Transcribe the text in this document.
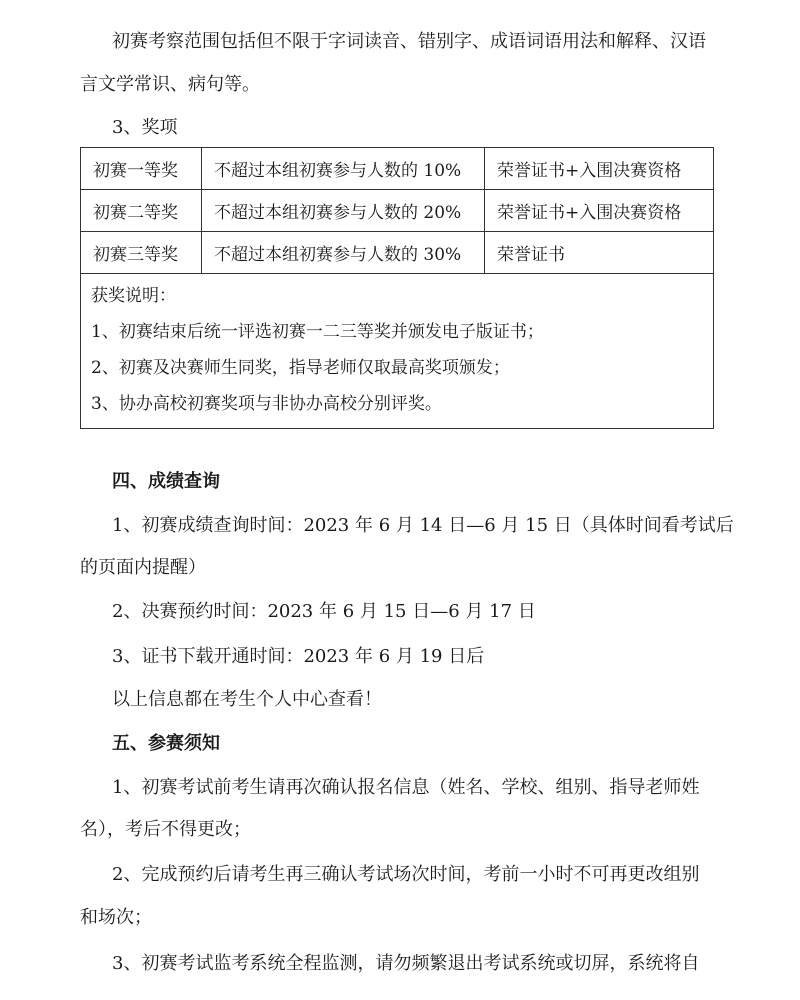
初赛考察范围包括但不限于字词读音、错别字、成语词语用法和解释、汉语
言文学常识、病句等。
3、奖项
初赛一等奖	不超过本组初赛参与人数的 10%	荣誉证书+入围决赛资格
初赛二等奖	不超过本组初赛参与人数的 20%	荣誉证书+入围决赛资格
初赛三等奖	不超过本组初赛参与人数的 30%	荣誉证书

获奖说明：
1、初赛结束后统一评选初赛一二三等奖并颁发电子版证书；
2、初赛及决赛师生同奖，指导老师仅取最高奖项颁发；
3、协办高校初赛奖项与非协办高校分别评奖。		
四、成绩查询
1、初赛成绩查询时间：2023 年 6 月 14 日—6 月 15 日（具体时间看考试后
的页面内提醒）
2、决赛预约时间：2023 年 6 月 15 日—6 月 17 日
3、证书下载开通时间：2023 年 6 月 19 日后
以上信息都在考生个人中心查看！
五、参赛须知
1、初赛考试前考生请再次确认报名信息（姓名、学校、组别、指导老师姓
名），考后不得更改；
2、完成预约后请考生再三确认考试场次时间，考前一小时不可再更改组别
和场次；
3、初赛考试监考系统全程监测，请勿频繁退出考试系统或切屏，系统将自
